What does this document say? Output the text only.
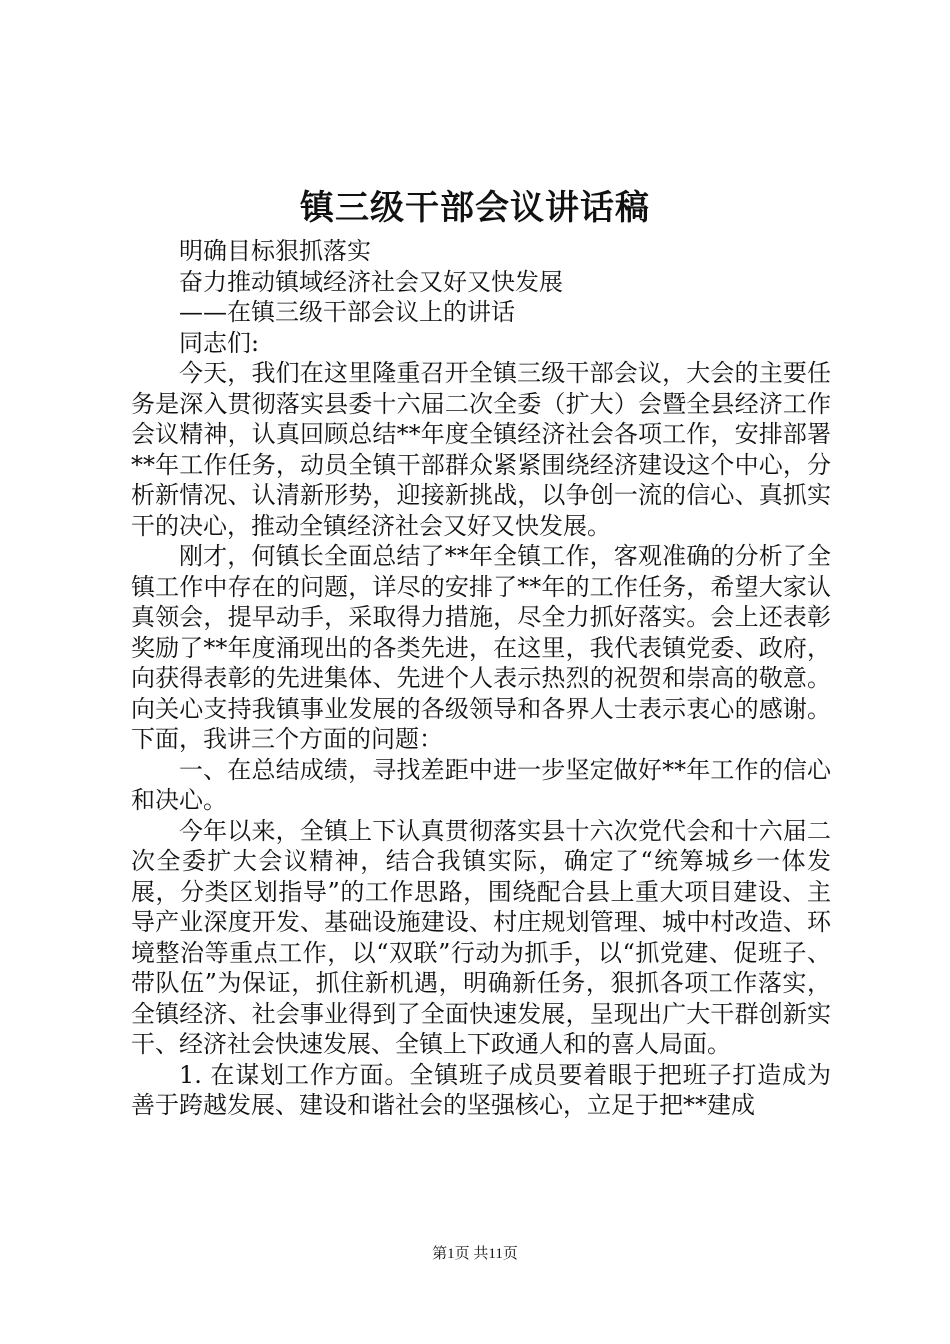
镇三级干部会议讲话稿

明确目标狠抓落实

奋力推动镇域经济社会又好又快发展

——在镇三级干部会议上的讲话

同志们:

今天，我们在这里隆重召开全镇三级干部会议，大会的主要任务是深入贯彻落实县委十六届二次全委（扩大）会暨全县经济工作会议精神，认真回顾总结**年度全镇经济社会各项工作，安排部署**年工作任务，动员全镇干部群众紧紧围绕经济建设这个中心，分析新情况、认清新形势，迎接新挑战，以争创一流的信心、真抓实干的决心，推动全镇经济社会又好又快发展。

刚才，何镇长全面总结了**年全镇工作，客观准确的分析了全镇工作中存在的问题，详尽的安排了**年的工作任务，希望大家认真领会，提早动手，采取得力措施，尽全力抓好落实。会上还表彰奖励了**年度涌现出的各类先进，在这里，我代表镇党委、政府，向获得表彰的先进集体、先进个人表示热烈的祝贺和崇高的敬意。向关心支持我镇事业发展的各级领导和各界人士表示衷心的感谢。下面，我讲三个方面的问题：

一、在总结成绩，寻找差距中进一步坚定做好**年工作的信心和决心。

今年以来，全镇上下认真贯彻落实县十六次党代会和十六届二次全委扩大会议精神，结合我镇实际，确定了“统筹城乡一体发展，分类区划指导”的工作思路，围绕配合县上重大项目建设、主导产业深度开发、基础设施建设、村庄规划管理、城中村改造、环境整治等重点工作，以“双联”行动为抓手，以“抓党建、促班子、带队伍”为保证，抓住新机遇，明确新任务，狠抓各项工作落实，全镇经济、社会事业得到了全面快速发展，呈现出广大干群创新实干、经济社会快速发展、全镇上下政通人和的喜人局面。

1. 在谋划工作方面。全镇班子成员要着眼于把班子打造成为善于跨越发展、建设和谐社会的坚强核心，立足于把**建成

第1页 共11页
